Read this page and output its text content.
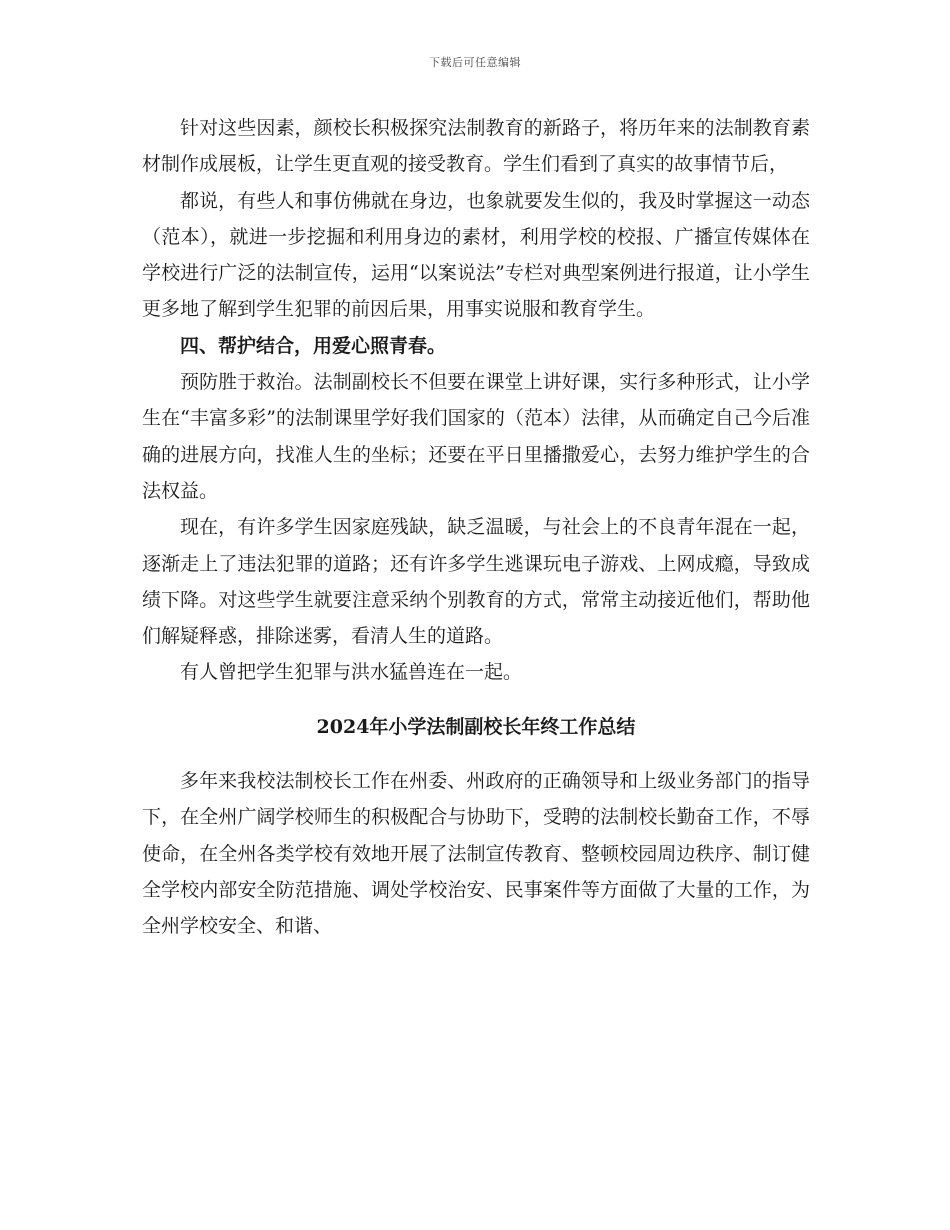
下载后可任意编辑

针对这些因素，颜校长积极探究法制教育的新路子，将历年来的法制教育素材制作成展板，让学生更直观的接受教育。学生们看到了真实的故事情节后，

都说，有些人和事仿佛就在身边，也象就要发生似的，我及时掌握这一动态（范本），就进一步挖掘和利用身边的素材，利用学校的校报、广播宣传媒体在学校进行广泛的法制宣传，运用“以案说法”专栏对典型案例进行报道，让小学生更多地了解到学生犯罪的前因后果，用事实说服和教育学生。

四、帮护结合，用爱心照青春。

预防胜于救治。法制副校长不但要在课堂上讲好课，实行多种形式，让小学生在“丰富多彩”的法制课里学好我们国家的（范本）法律，从而确定自己今后准确的进展方向，找准人生的坐标；还要在平日里播撒爱心，去努力维护学生的合法权益。

现在，有许多学生因家庭残缺，缺乏温暖，与社会上的不良青年混在一起，逐渐走上了违法犯罪的道路；还有许多学生逃课玩电子游戏、上网成瘾，导致成绩下降。对这些学生就要注意采纳个别教育的方式，常常主动接近他们，帮助他们解疑释惑，排除迷雾，看清人生的道路。

有人曾把学生犯罪与洪水猛兽连在一起。

2024年小学法制副校长年终工作总结

多年来我校法制校长工作在州委、州政府的正确领导和上级业务部门的指导下，在全州广阔学校师生的积极配合与协助下，受聘的法制校长勤奋工作，不辱使命，在全州各类学校有效地开展了法制宣传教育、整顿校园周边秩序、制订健全学校内部安全防范措施、调处学校治安、民事案件等方面做了大量的工作，为全州学校安全、和谐、
